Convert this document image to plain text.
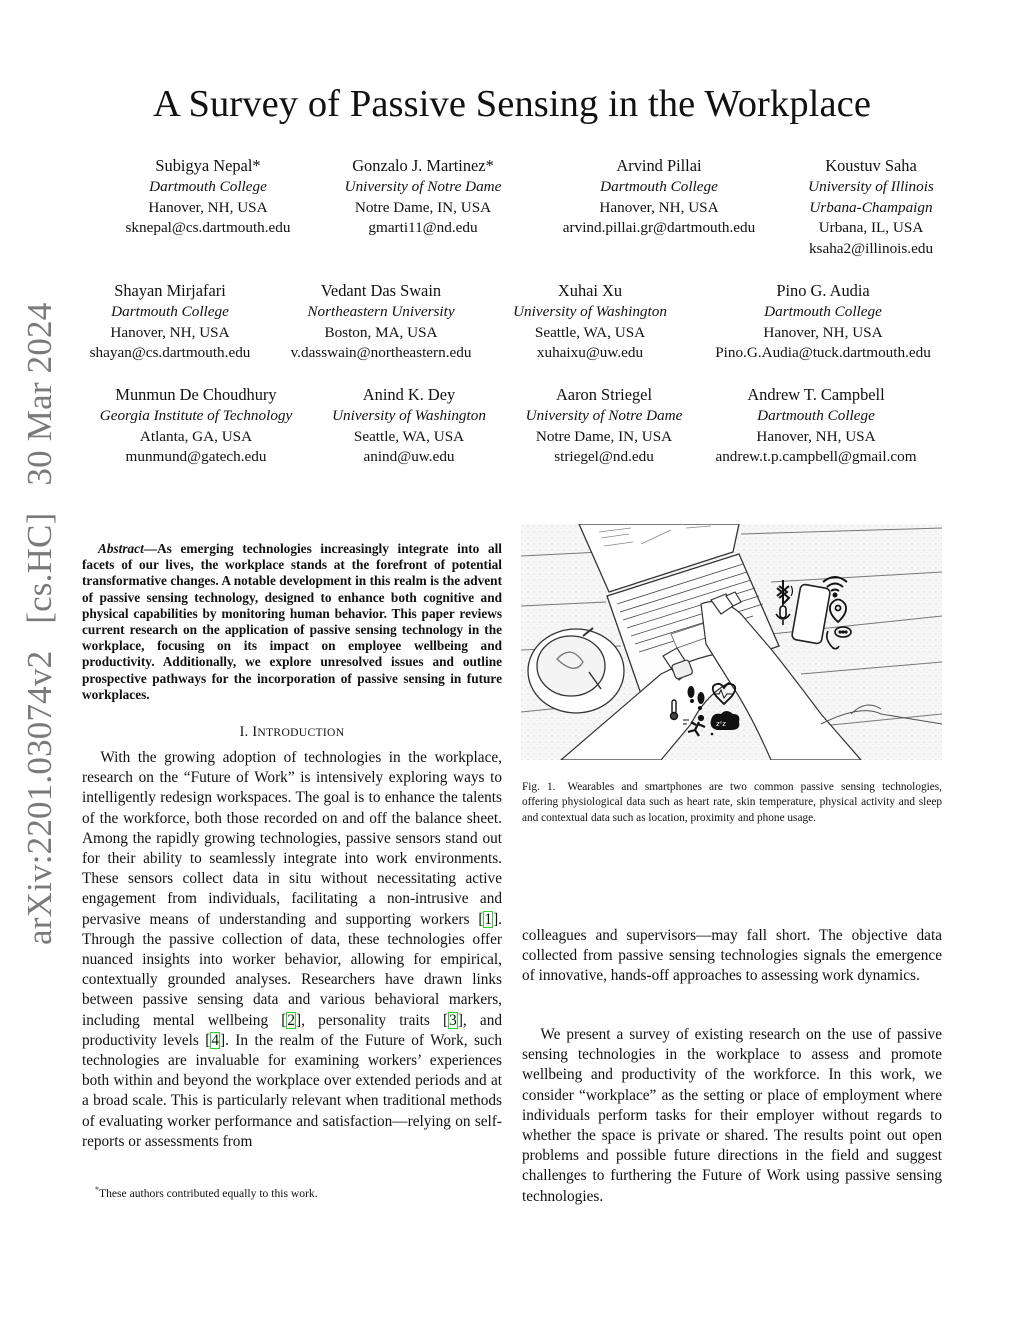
arXiv:2201.03074v2 [cs.HC] 30 Mar 2024
A Survey of Passive Sensing in the Workplace
Subigya Nepal*
Dartmouth College
Hanover, NH, USA
sknepal@cs.dartmouth.edu
Gonzalo J. Martinez*
University of Notre Dame
Notre Dame, IN, USA
gmarti11@nd.edu
Arvind Pillai
Dartmouth College
Hanover, NH, USA
arvind.pillai.gr@dartmouth.edu
Koustuv Saha
University of Illinois
Urbana-Champaign
Urbana, IL, USA
ksaha2@illinois.edu
Shayan Mirjafari
Dartmouth College
Hanover, NH, USA
shayan@cs.dartmouth.edu
Vedant Das Swain
Northeastern University
Boston, MA, USA
v.dasswain@northeastern.edu
Xuhai Xu
University of Washington
Seattle, WA, USA
xuhaixu@uw.edu
Pino G. Audia
Dartmouth College
Hanover, NH, USA
Pino.G.Audia@tuck.dartmouth.edu
Munmun De Choudhury
Georgia Institute of Technology
Atlanta, GA, USA
munmund@gatech.edu
Anind K. Dey
University of Washington
Seattle, WA, USA
anind@uw.edu
Aaron Striegel
University of Notre Dame
Notre Dame, IN, USA
striegel@nd.edu
Andrew T. Campbell
Dartmouth College
Hanover, NH, USA
andrew.t.p.campbell@gmail.com
Abstract—As emerging technologies increasingly integrate into all facets of our lives, the workplace stands at the forefront of potential transformative changes. A notable development in this realm is the advent of passive sensing technology, designed to enhance both cognitive and physical capabilities by monitoring human behavior. This paper reviews current research on the application of passive sensing technology in the workplace, focusing on its impact on employee wellbeing and productivity. Additionally, we explore unresolved issues and outline prospective pathways for the incorporation of passive sensing in future workplaces.
I. INTRODUCTION

With the growing adoption of technologies in the workplace, research on the “Future of Work” is intensively exploring ways to intelligently redesign workspaces. The goal is to enhance the talents of the workforce, both those recorded on and off the balance sheet. Among the rapidly growing technologies, passive sensors stand out for their ability to seamlessly integrate into work environments. These sensors collect data in situ without necessitating active engagement from individuals, facilitating a non-intrusive and pervasive means of understanding and supporting workers [1]. Through the passive collection of data, these technologies offer nuanced insights into worker behavior, allowing for empirical, contextually grounded analyses. Researchers have drawn links between passive sensing data and various behavioral markers, including mental wellbeing [2], personality traits [3], and productivity levels [4]. In the realm of the Future of Work, such technologies are invaluable for examining workers’ experiences both within and beyond the workplace over extended periods and at a broad scale. This is particularly relevant when traditional methods of evaluating worker performance and satisfaction—relying on self-reports or assessments from

*These authors contributed equally to this work.
zᶻz
Fig. 1. Wearables and smartphones are two common passive sensing technologies, offering physiological data such as heart rate, skin temperature, physical activity and sleep and contextual data such as location, proximity and phone usage.

colleagues and supervisors—may fall short. The objective data collected from passive sensing technologies signals the emergence of innovative, hands-off approaches to assessing work dynamics.

We present a survey of existing research on the use of passive sensing technologies in the workplace to assess and promote wellbeing and productivity of the workforce. In this work, we consider “workplace” as the setting or place of employment where individuals perform tasks for their employer without regards to whether the space is private or shared. The results point out open problems and possible future directions in the field and suggest challenges to furthering the Future of Work using passive sensing technologies.
